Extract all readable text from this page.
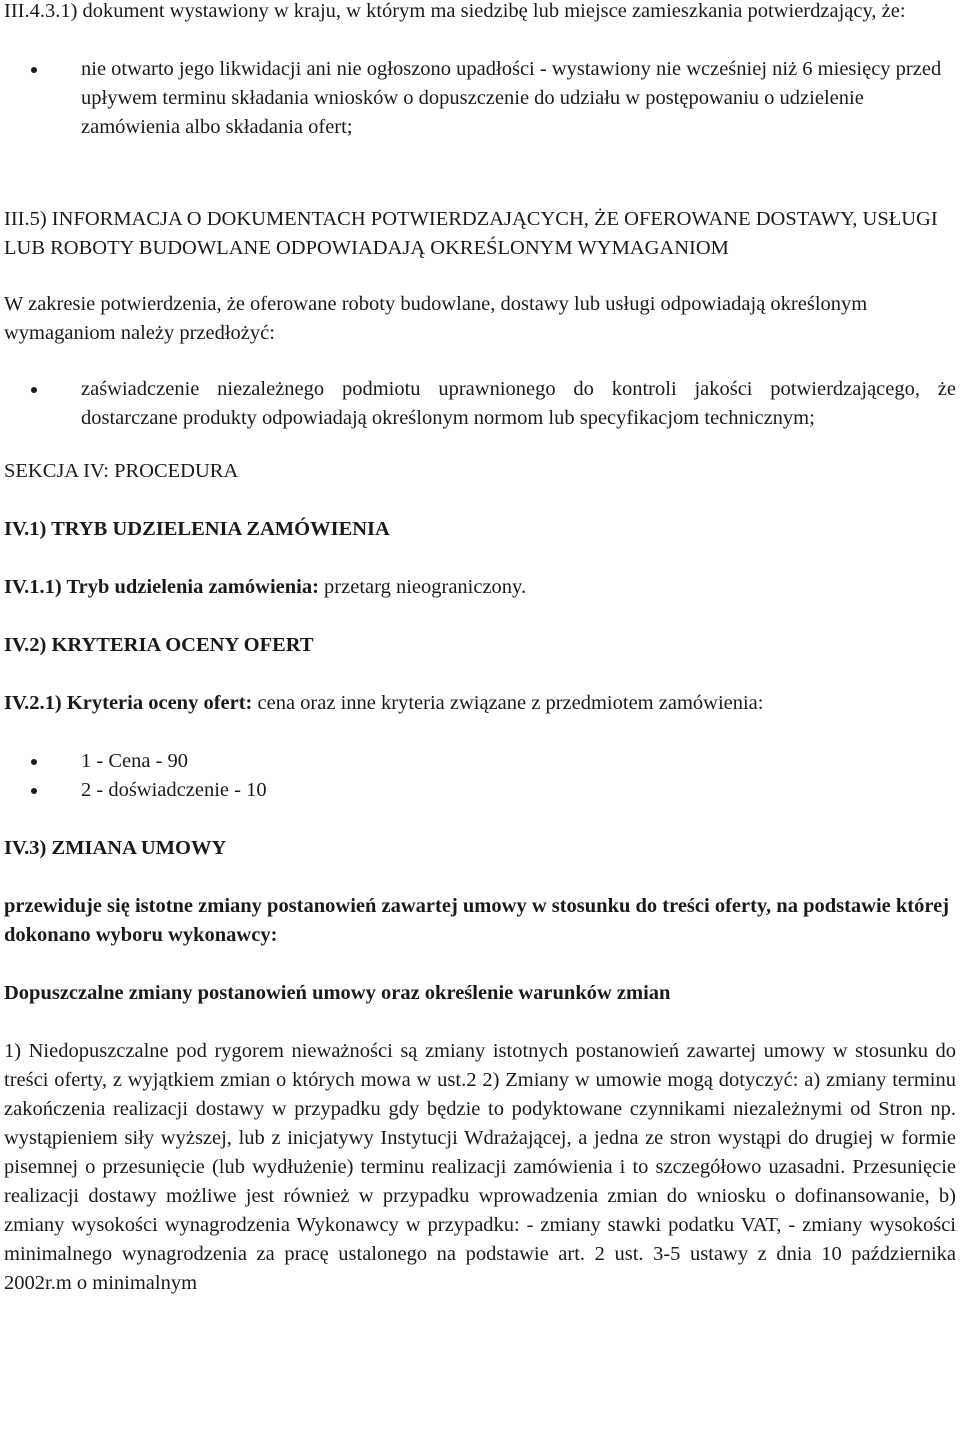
III.4.3.1) dokument wystawiony w kraju, w którym ma siedzibę lub miejsce zamieszkania potwierdzający, że:

nie otwarto jego likwidacji ani nie ogłoszono upadłości - wystawiony nie wcześniej niż 6 miesięcy przed upływem terminu składania wniosków o dopuszczenie do udziału w postępowaniu o udzielenie zamówienia albo składania ofert;

III.5) INFORMACJA O DOKUMENTACH POTWIERDZAJĄCYCH, ŻE OFEROWANE DOSTAWY, USŁUGI LUB ROBOTY BUDOWLANE ODPOWIADAJĄ OKREŚLONYM WYMAGANIOM

W zakresie potwierdzenia, że oferowane roboty budowlane, dostawy lub usługi odpowiadają określonym wymaganiom należy przedłożyć:

zaświadczenie niezależnego podmiotu uprawnionego do kontroli jakości potwierdzającego, że dostarczane produkty odpowiadają określonym normom lub specyfikacjom technicznym;

SEKCJA IV: PROCEDURA

IV.1) TRYB UDZIELENIA ZAMÓWIENIA

IV.1.1) Tryb udzielenia zamówienia: przetarg nieograniczony.

IV.2) KRYTERIA OCENY OFERT

IV.2.1) Kryteria oceny ofert: cena oraz inne kryteria związane z przedmiotem zamówienia:

1 - Cena - 90
2 - doświadczenie - 10

IV.3) ZMIANA UMOWY

przewiduje się istotne zmiany postanowień zawartej umowy w stosunku do treści oferty, na podstawie której dokonano wyboru wykonawcy:

Dopuszczalne zmiany postanowień umowy oraz określenie warunków zmian

1) Niedopuszczalne pod rygorem nieważności są zmiany istotnych postanowień zawartej umowy w stosunku do treści oferty, z wyjątkiem zmian o których mowa w ust.2 2) Zmiany w umowie mogą dotyczyć: a) zmiany terminu zakończenia realizacji dostawy w przypadku gdy będzie to podyktowane czynnikami niezależnymi od Stron np. wystąpieniem siły wyższej, lub z inicjatywy Instytucji Wdrażającej, a jedna ze stron wystąpi do drugiej w formie pisemnej o przesunięcie (lub wydłużenie) terminu realizacji zamówienia i to szczegółowo uzasadni. Przesunięcie realizacji dostawy możliwe jest również w przypadku wprowadzenia zmian do wniosku o dofinansowanie, b) zmiany wysokości wynagrodzenia Wykonawcy w przypadku: - zmiany stawki podatku VAT, - zmiany wysokości minimalnego wynagrodzenia za pracę ustalonego na podstawie art. 2 ust. 3-5 ustawy z dnia 10 października 2002r.m o minimalnym
